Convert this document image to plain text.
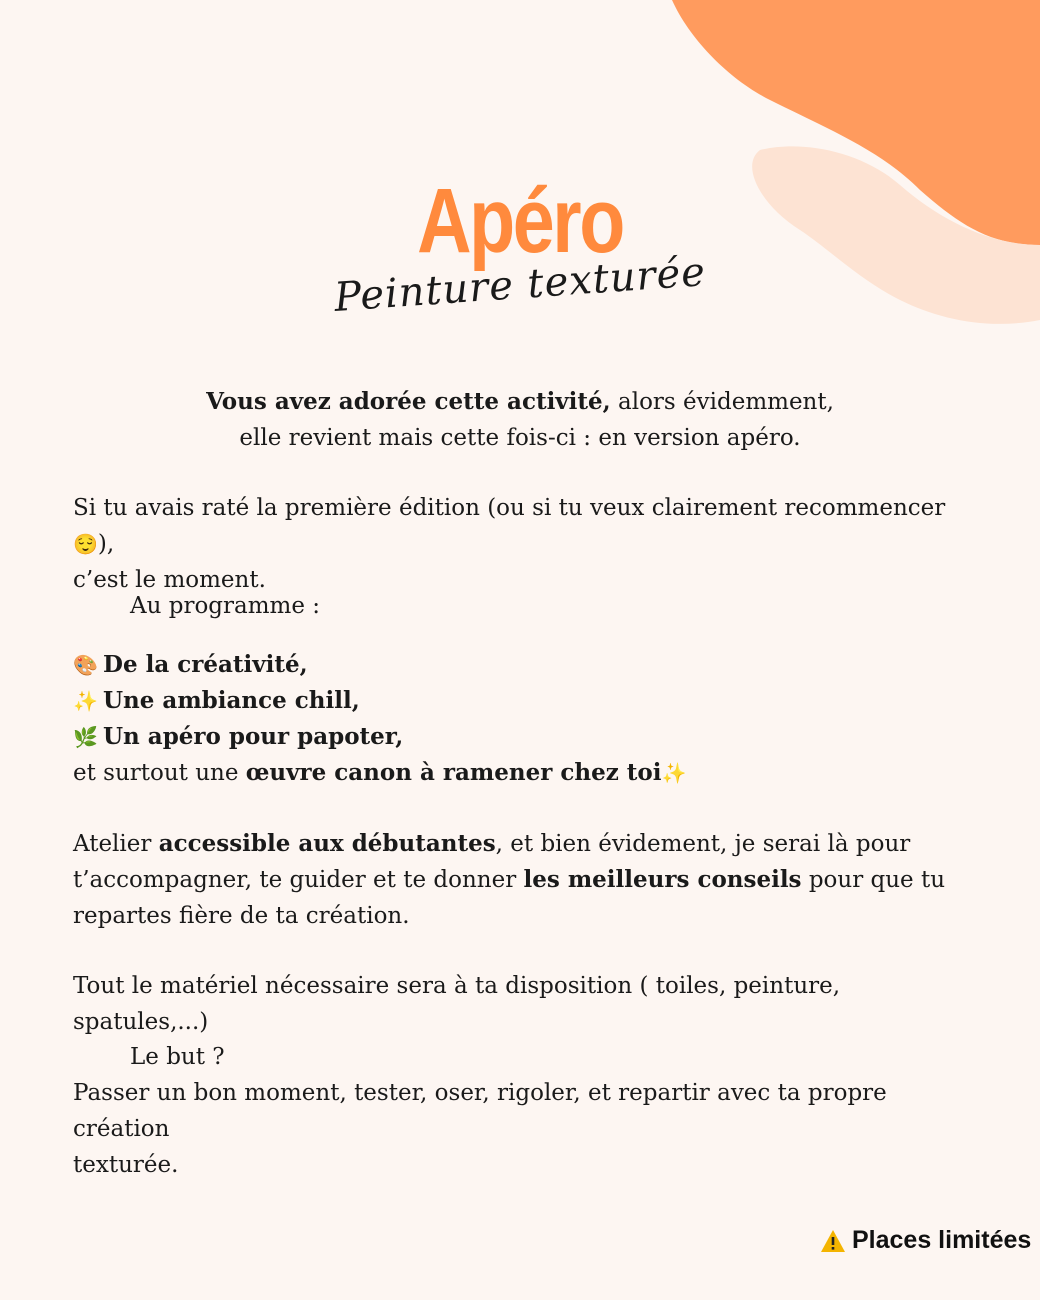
Apéro
Peinture texturée
Vous avez adorée cette activité, alors évidemment,
elle revient mais cette fois-ci : en version apéro.
Si tu avais raté la première édition (ou si tu veux clairement recommencer 😌),
c’est le moment.
Au programme :
🎨 De la créativité,
✨ Une ambiance chill,
🌿 Un apéro pour papoter,
et surtout une œuvre canon à ramener chez toi✨
Atelier accessible aux débutantes, et bien évidement, je serai là pour
t’accompagner, te guider et te donner les meilleurs conseils pour que tu
repartes fière de ta création.
Tout le matériel nécessaire sera à ta disposition ( toiles, peinture, spatules,...)
Le but ?
Passer un bon moment, tester, oser, rigoler, et repartir avec ta propre création
texturée.
Places limitées
